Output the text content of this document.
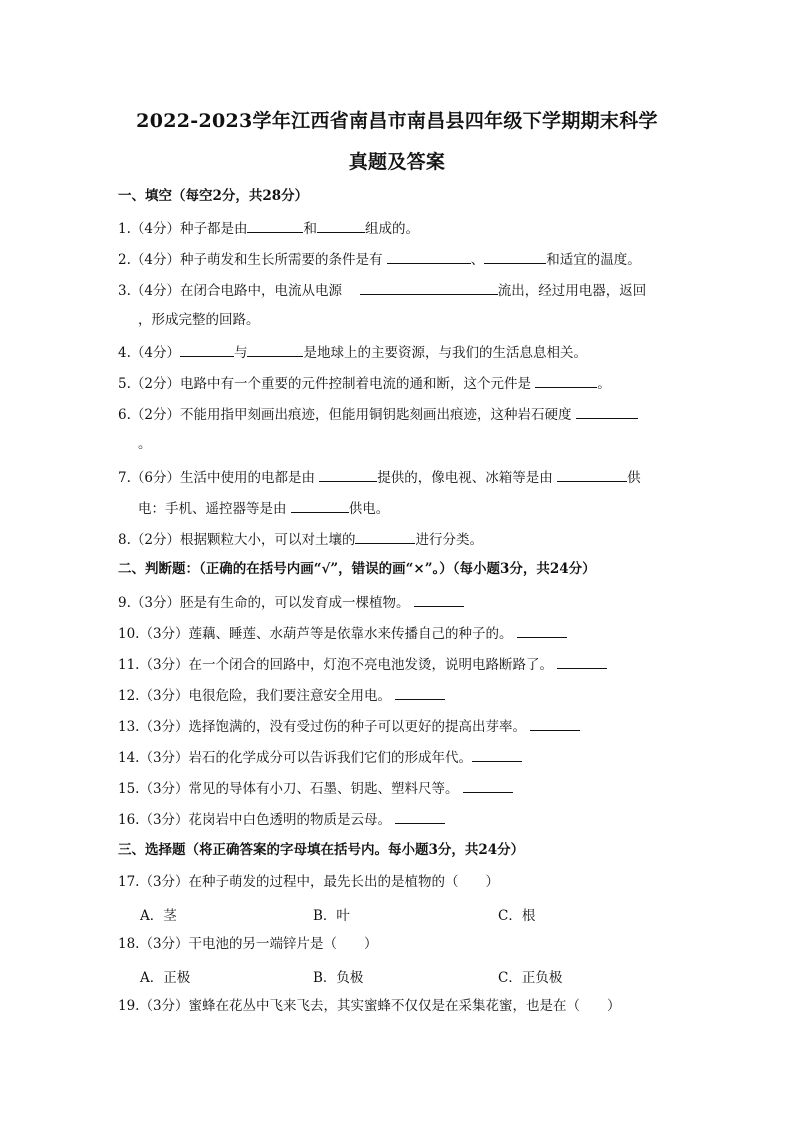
2022-2023学年江西省南昌市南昌县四年级下学期期末科学
真题及答案
一、填空（每空2分，共28分）
1.（4分）种子都是由	和	组成的。
2.（4分）种子萌发和生长所需要的条件是有	、	和适宜的温度。
3.（4分）在闭合电路中，电流从电源　	流出，经过用电器，返回
，形成完整的回路。
4.（4分）	与	是地球上的主要资源，与我们的生活息息相关。
5.（2分）电路中有一个重要的元件控制着电流的通和断，这个元件是	。
6.（2分）不能用指甲刻画出痕迹，但能用铜钥匙刻画出痕迹，这种岩石硬度
。
7.（6分）生活中使用的电都是由	提供的，像电视、冰箱等是由	供
电：手机、遥控器等是由	供电。
8.（2分）根据颗粒大小，可以对土壤的	进行分类。
二、判断题：（正确的在括号内画“√”，错误的画“×”。）（每小题3分，共24分）
9.（3分）胚是有生命的，可以发育成一棵植物。
10.（3分）莲藕、睡莲、水葫芦等是依靠水来传播自己的种子的。
11.（3分）在一个闭合的回路中，灯泡不亮电池发烫，说明电路断路了。
12.（3分）电很危险，我们要注意安全用电。
13.（3分）选择饱满的，没有受过伤的种子可以更好的提高出芽率。
14.（3分）岩石的化学成分可以告诉我们它们的形成年代。
15.（3分）常见的导体有小刀、石墨、钥匙、塑料尺等。
16.（3分）花岗岩中白色透明的物质是云母。
三、选择题（将正确答案的字母填在括号内。每小题3分，共24分）
17.（3分）在种子萌发的过程中，最先长出的是植物的（　　）
A．茎	B．叶	C．根
18.（3分）干电池的另一端锌片是（　　）
A．正极	B．负极	C．正负极
19.（3分）蜜蜂在花丛中飞来飞去，其实蜜蜂不仅仅是在采集花蜜，也是在（　　）
